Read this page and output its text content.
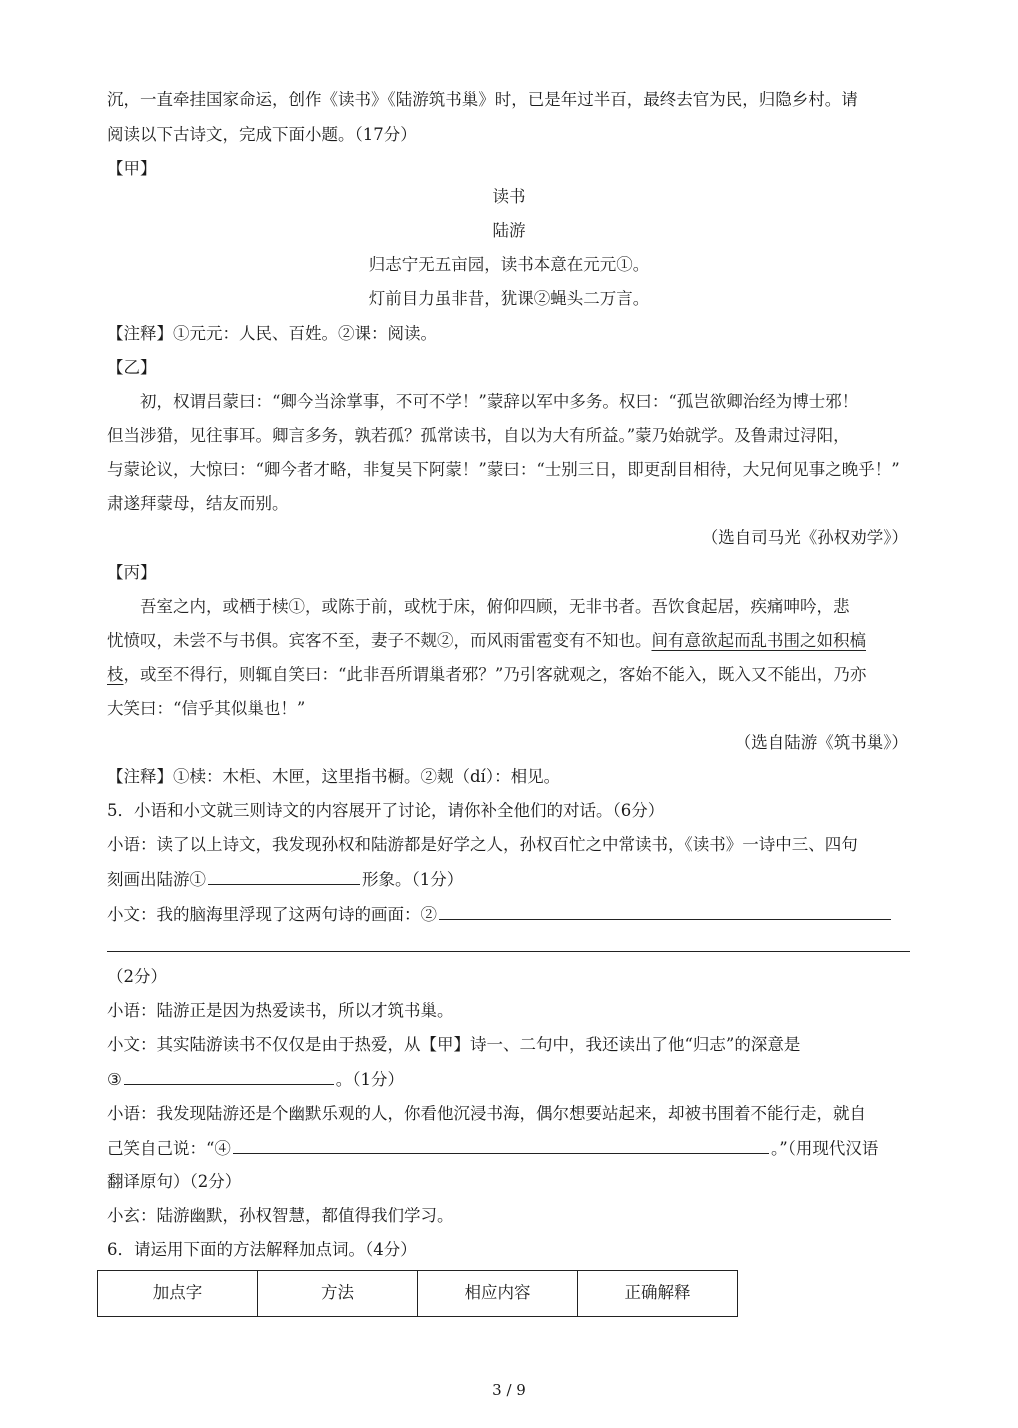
沉，一直牵挂国家命运，创作《读书》《陆游筑书巢》时，已是年过半百，最终去官为民，归隐乡村。请
阅读以下古诗文，完成下面小题。（17分）
【甲】
读书
陆游
归志宁无五亩园，读书本意在元元①。
灯前目力虽非昔，犹课②蝇头二万言。
【注释】①元元：人民、百姓。②课：阅读。
【乙】
初，权谓吕蒙曰：“卿今当涂掌事，不可不学！”蒙辞以军中多务。权曰：“孤岂欲卿治经为博士邪！
但当涉猎，见往事耳。卿言多务，孰若孤？孤常读书，自以为大有所益。”蒙乃始就学。及鲁肃过浔阳，
与蒙论议，大惊曰：“卿今者才略，非复吴下阿蒙！”蒙曰：“士别三日，即更刮目相待，大兄何见事之晚乎！”
肃遂拜蒙母，结友而别。
（选自司马光《孙权劝学》）
【丙】
吾室之内，或栖于椟①，或陈于前，或枕于床，俯仰四顾，无非书者。吾饮食起居，疾痛呻吟，悲
忧愤叹，未尝不与书俱。宾客不至，妻子不觌②，而风雨雷雹变有不知也。间有意欲起而乱书围之如积槁
枝，或至不得行，则辄自笑曰：“此非吾所谓巢者邪？”乃引客就观之，客始不能入，既入又不能出，乃亦
大笑曰：“信乎其似巢也！”
（选自陆游《筑书巢》）
【注释】①椟：木柜、木匣，这里指书橱。②觌（dí）：相见。
5．小语和小文就三则诗文的内容展开了讨论，请你补全他们的对话。（6分）
小语：读了以上诗文，我发现孙权和陆游都是好学之人，孙权百忙之中常读书，《读书》一诗中三、四句
刻画出陆游①	形象。（1分）
小文：我的脑海里浮现了这两句诗的画面：②
（2分）
小语：陆游正是因为热爱读书，所以才筑书巢。
小文：其实陆游读书不仅仅是由于热爱，从【甲】诗一、二句中，我还读出了他“归志”的深意是
③	。（1分）
小语：我发现陆游还是个幽默乐观的人，你看他沉浸书海，偶尔想要站起来，却被书围着不能行走，就自
己笑自己说：“④	。”（用现代汉语
翻译原句）（2分）
小玄：陆游幽默，孙权智慧，都值得我们学习。
6．请运用下面的方法解释加点词。（4分）
加点字	方法	相应内容	正确解释
3 / 9
